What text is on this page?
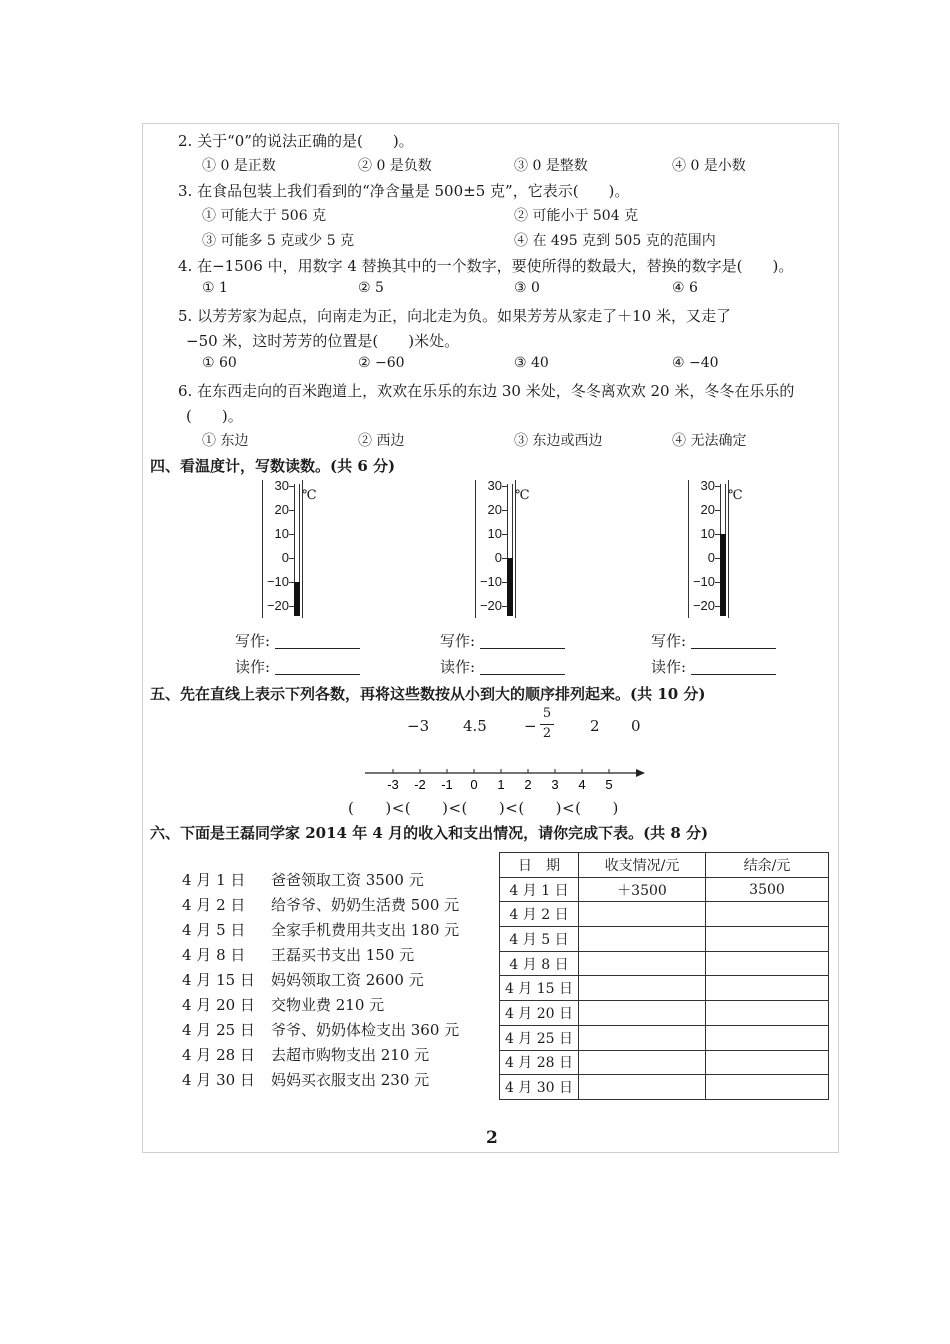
2. 关于“0”的说法正确的是(　　)。
① 0 是正数	② 0 是负数	③ 0 是整数	④ 0 是小数
3. 在食品包装上我们看到的“净含量是 500±5 克”，它表示(　　)。
① 可能大于 506 克	② 可能小于 504 克
③ 可能多 5 克或少 5 克	④ 在 495 克到 505 克的范围内
4. 在−1506 中，用数字 4 替换其中的一个数字，要使所得的数最大，替换的数字是(　　)。
① 1	② 5	③ 0	④ 6
5. 以芳芳家为起点，向南走为正，向北走为负。如果芳芳从家走了＋10 米，又走了
−50 米，这时芳芳的位置是(　　)米处。
① 60	② −60	③ 40	④ −40
6. 在东西走向的百米跑道上，欢欢在乐乐的东边 30 米处，冬冬离欢欢 20 米，冬冬在乐乐的
(　　)。
① 东边	② 西边	③ 东边或西边	④ 无法确定
四、看温度计，写数读数。(共 6 分)
30
20
10
0
−10
−20
℃
30
20
10
0
−10
−20
℃
30
20
10
0
−10
−20
℃
写作:
读作:
写作:
读作:
写作:
读作:
五、先在直线上表示下列各数，再将这些数按从小到大的顺序排列起来。(共 10 分)
−3 4.5 −
5
2	2 0
-3 -2 -1 0 1 2 3 4 5
(　　)<(　　)<(　　)<(　　)<(　　)
六、下面是王磊同学家 2014 年 4 月的收入和支出情况，请你完成下表。(共 8 分)
4 月 1 日 爸爸领取工资 3500 元
4 月 2 日 给爷爷、奶奶生活费 500 元
4 月 5 日 全家手机费用共支出 180 元
4 月 8 日 王磊买书支出 150 元
4 月 15 日 妈妈领取工资 2600 元
4 月 20 日 交物业费 210 元
4 月 25 日 爷爷、奶奶体检支出 360 元
4 月 28 日 去超市购物支出 210 元
4 月 30 日 妈妈买衣服支出 230 元
日　期	收支情况/元	结余/元
4 月 1 日	＋3500	3500
4 月 2 日		
4 月 5 日		
4 月 8 日		
4 月 15 日		
4 月 20 日		
4 月 25 日		
4 月 28 日		
4 月 30 日		
2
